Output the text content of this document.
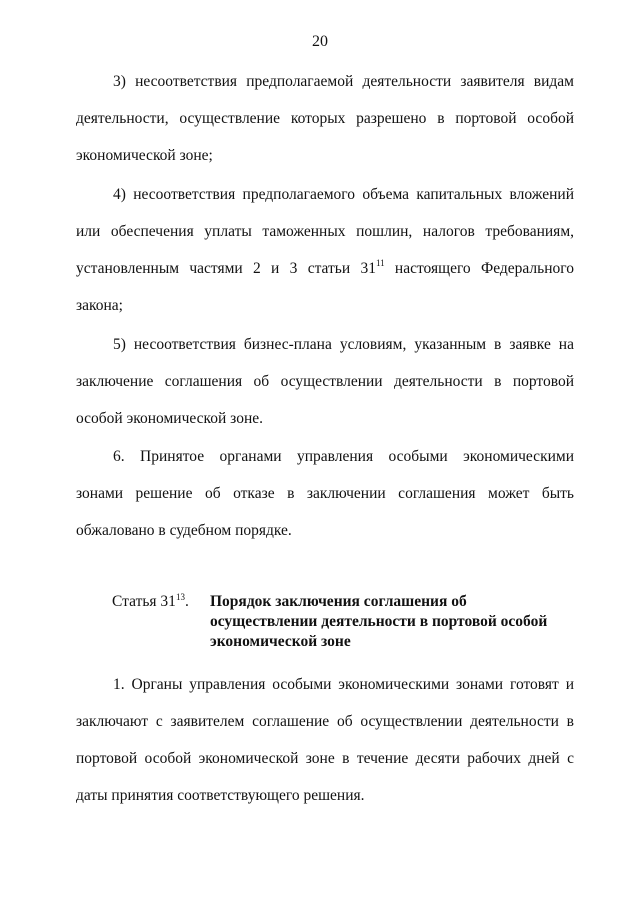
20
3) несоответствия предполагаемой деятельности заявителя видам
деятельности, осуществление которых разрешено в портовой особой
экономической зоне;
4) несоответствия предполагаемого объема капитальных вложений
или обеспечения уплаты таможенных пошлин, налогов требованиям,
установленным частями 2 и 3 статьи 31$^{11}$ настоящего Федерального
закона;
5) несоответствия бизнес-плана условиям, указанным в заявке на
заключение соглашения об осуществлении деятельности в портовой
особой экономической зоне.
6. Принятое органами управления особыми экономическими
зонами решение об отказе в заключении соглашения может быть
обжаловано в судебном порядке.
Статья $31^{13}$. Порядок заключения соглашения об
осуществлении деятельности в портовой особой
экономической зоне
1. Органы управления особыми экономическими зонами готовят и
заключают с заявителем соглашение об осуществлении деятельности в
портовой особой экономической зоне в течение десяти рабочих дней с
даты принятия соответствующего решения.
